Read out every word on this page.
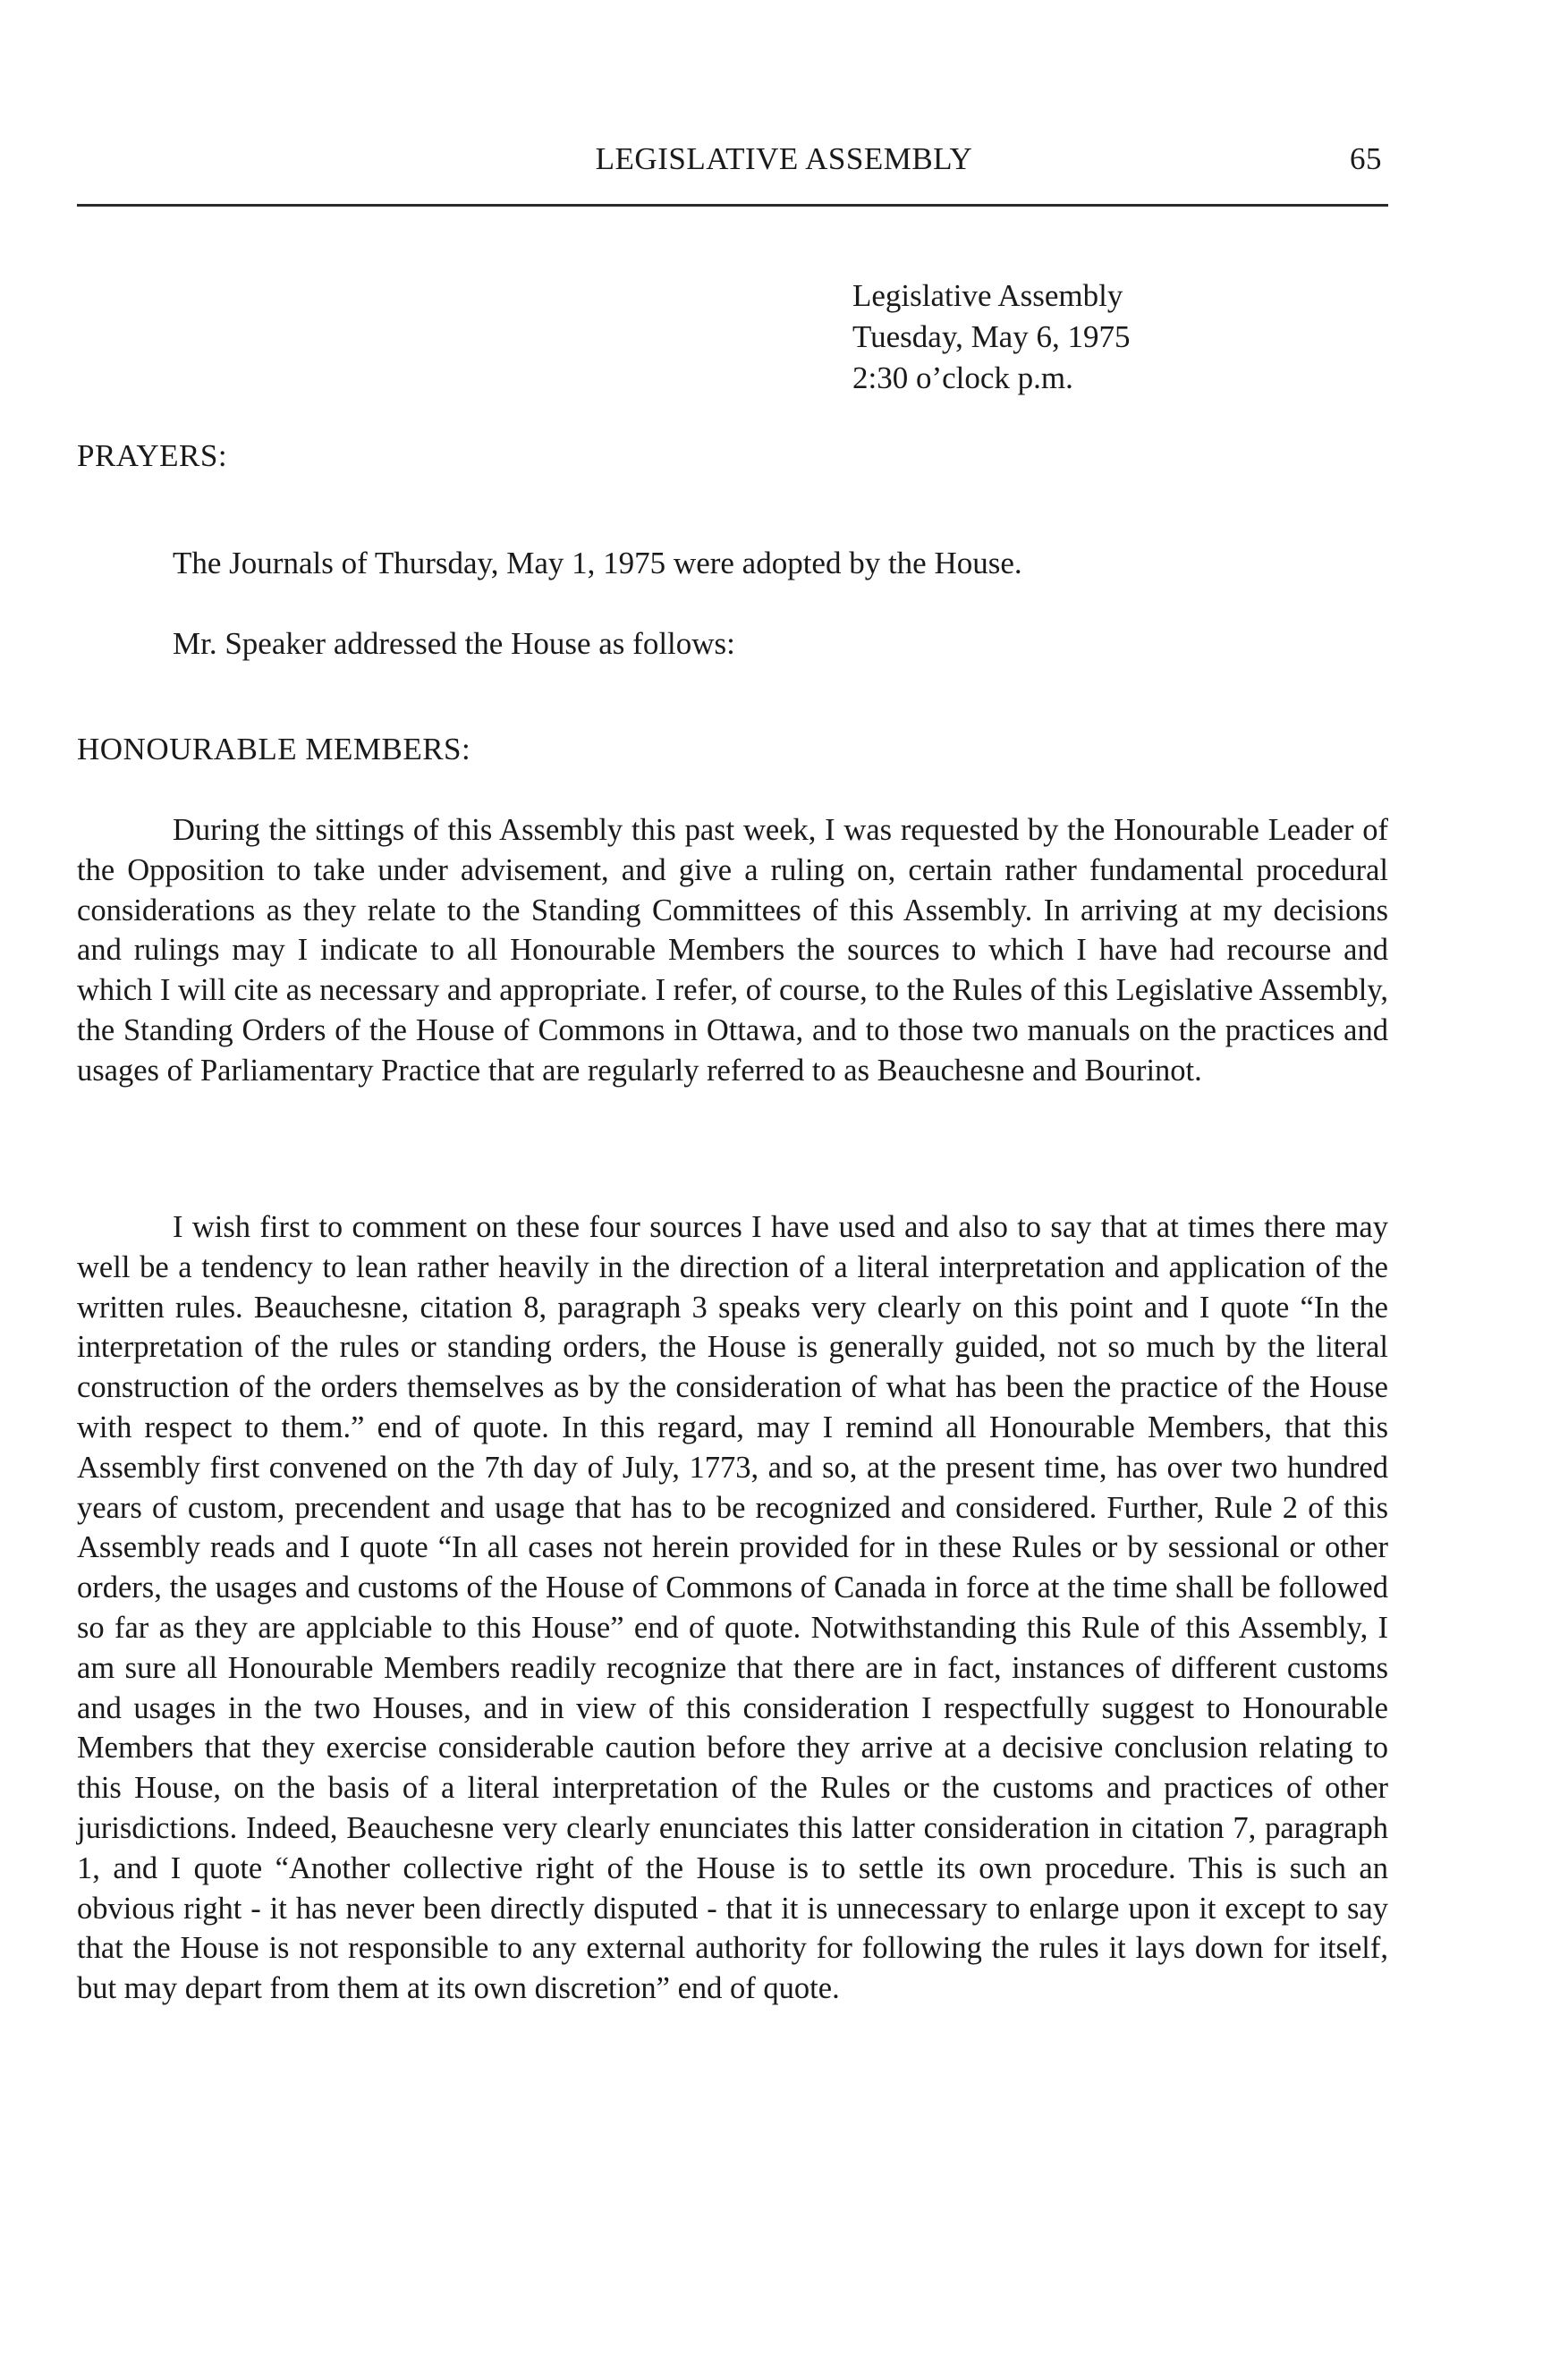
LEGISLATIVE ASSEMBLY	65
Legislative Assembly
Tuesday, May 6, 1975
2:30 o’clock p.m.
PRAYERS:
The Journals of Thursday, May 1, 1975 were adopted by the House.
Mr. Speaker addressed the House as follows:
HONOURABLE MEMBERS:

During the sittings of this Assembly this past week, I was requested by the Honourable Leader of the Opposition to take under advisement, and give a ruling on, certain rather fundamental procedural considerations as they relate to the Standing Committees of this Assembly. In arriving at my decisions and rulings may I indicate to all Honourable Members the sources to which I have had recourse and which I will cite as necessary and appropriate. I refer, of course, to the Rules of this Legislative Assembly, the Standing Orders of the House of Commons in Ottawa, and to those two manuals on the practices and usages of Parliamentary Practice that are regularly referred to as Beauchesne and Bourinot.

I wish first to comment on these four sources I have used and also to say that at times there may well be a tendency to lean rather heavily in the direction of a literal interpretation and application of the written rules. Beauchesne, citation 8, paragraph 3 speaks very clearly on this point and I quote “In the interpretation of the rules or standing orders, the House is generally guided, not so much by the literal construction of the orders themselves as by the consideration of what has been the practice of the House with respect to them.” end of quote. In this regard, may I remind all Honourable Members, that this Assembly first convened on the 7th day of July, 1773, and so, at the present time, has over two hundred years of custom, precendent and usage that has to be recognized and considered. Further, Rule 2 of this Assembly reads and I quote “In all cases not herein provided for in these Rules or by sessional or other orders, the usages and customs of the House of Commons of Canada in force at the time shall be followed so far as they are applciable to this House” end of quote. Notwithstanding this Rule of this Assembly, I am sure all Honourable Members readily recognize that there are in fact, instances of different customs and usages in the two Houses, and in view of this consideration I respectfully suggest to Honourable Members that they exercise considerable caution before they arrive at a decisive conclusion relating to this House, on the basis of a literal interpretation of the Rules or the customs and practices of other jurisdictions. Indeed, Beauchesne very clearly enunciates this latter consideration in citation 7, paragraph 1, and I quote “Another collective right of the House is to settle its own procedure. This is such an obvious right - it has never been directly disputed - that it is unnecessary to enlarge upon it except to say that the House is not responsible to any external authority for following the rules it lays down for itself, but may depart from them at its own discretion” end of quote.
